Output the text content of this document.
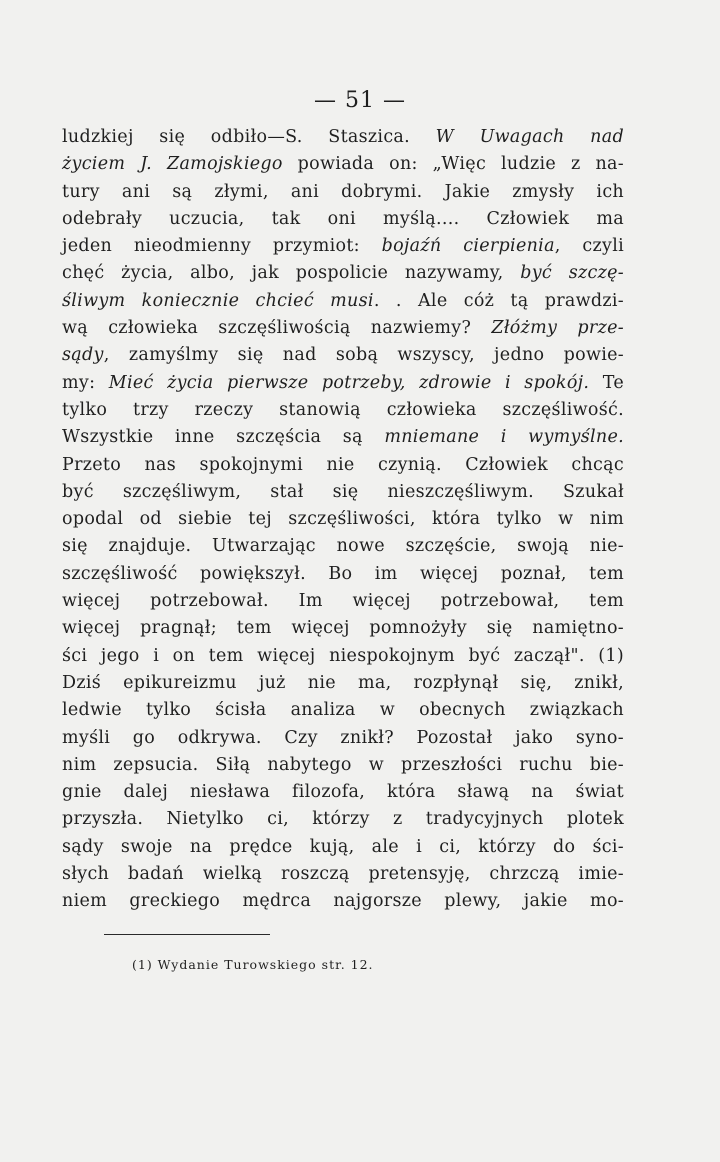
— 51 —
ludzkiej się odbiło—S. Staszica. W Uwagach nad
życiem J. Zamojskiego powiada on: „Więc ludzie z na-
tury ani są złymi, ani dobrymi. Jakie zmysły ich
odebrały uczucia, tak oni myślą.... Człowiek ma
jeden nieodmienny przymiot: bojaźń cierpienia, czyli
chęć życia, albo, jak pospolicie nazywamy, być szczę-
śliwym koniecznie chcieć musi. . Ale cóż tą prawdzi-
wą człowieka szczęśliwością nazwiemy? Złóżmy prze-
sądy, zamyślmy się nad sobą wszyscy, jedno powie-
my: Mieć życia pierwsze potrzeby, zdrowie i spokój. Te
tylko trzy rzeczy stanowią człowieka szczęśliwość.
Wszystkie inne szczęścia są mniemane i wymyślne.
Przeto nas spokojnymi nie czynią. Człowiek chcąc
być szczęśliwym, stał się nieszczęśliwym. Szukał
opodal od siebie tej szczęśliwości, która tylko w nim
się znajduje. Utwarzając nowe szczęście, swoją nie-
szczęśliwość powiększył. Bo im więcej poznał, tem
więcej potrzebował. Im więcej potrzebował, tem
więcej pragnął; tem więcej pomnożyły się namiętno-
ści jego i on tem więcej niespokojnym być zaczął". (1)
Dziś epikureizmu już nie ma, rozpłynął się, znikł,
ledwie tylko ścisła analiza w obecnych związkach
myśli go odkrywa. Czy znikł? Pozostał jako syno-
nim zepsucia. Siłą nabytego w przeszłości ruchu bie-
gnie dalej niesława filozofa, która sławą na świat
przyszła. Nietylko ci, którzy z tradycyjnych plotek
sądy swoje na prędce kują, ale i ci, którzy do ści-
słych badań wielką roszczą pretensyję, chrzczą imie-
niem greckiego mędrca najgorsze plewy, jakie mo-
(1) Wydanie Turowskiego str. 12.
